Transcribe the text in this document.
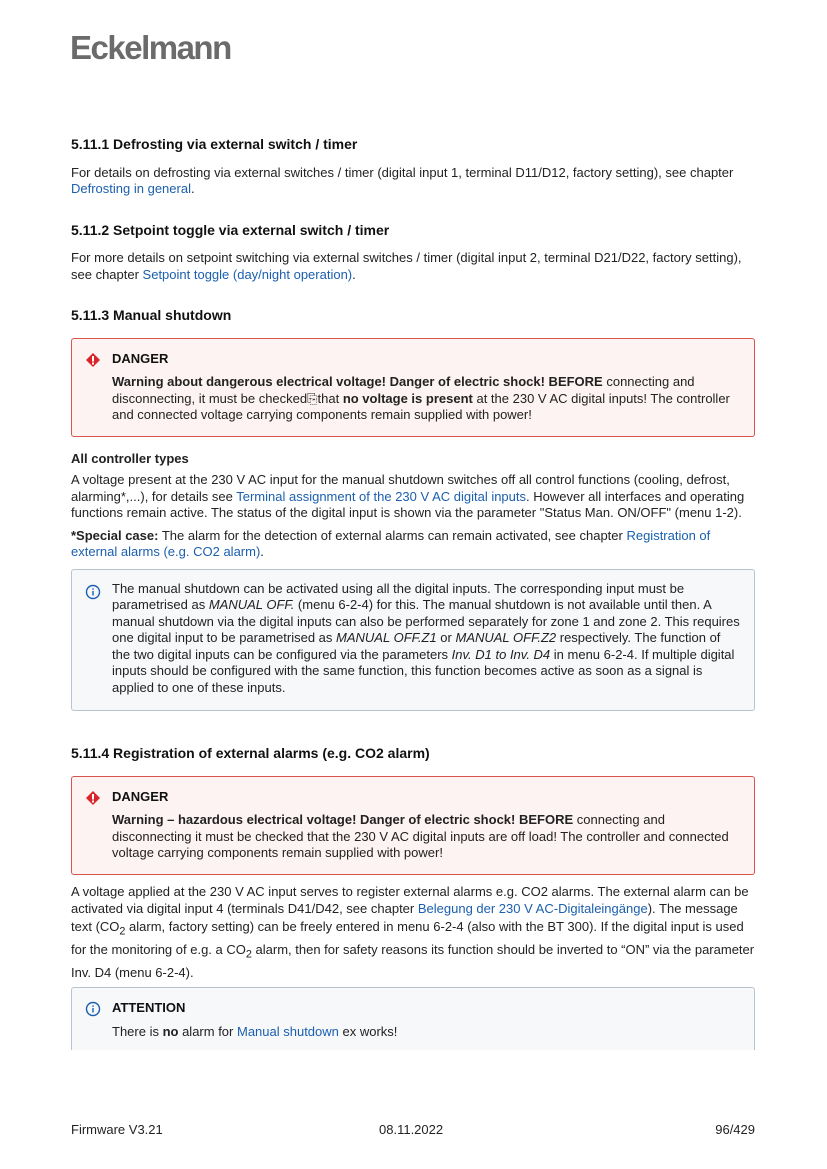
Eckelmann
5.11.1 Defrosting via external switch / timer

For details on defrosting via external switches / timer (digital input 1, terminal D11/D12, factory setting), see chapter Defrosting in general.

5.11.2 Setpoint toggle via external switch / timer

For more details on setpoint switching via external switches / timer (digital input 2, terminal D21/D22, factory setting), see chapter Setpoint toggle (day/night operation).

5.11.3 Manual shutdown
DANGER

Warning about dangerous electrical voltage! Danger of electric shock! BEFORE connecting and disconnecting, it must be checked⎘that no voltage is present at the 230 V AC digital inputs! The controller and connected voltage carrying components remain supplied with power!

All controller types

A voltage present at the 230 V AC input for the manual shutdown switches off all control functions (cooling, defrost, alarming*,...), for details see Terminal assignment of the 230 V AC digital inputs. However all interfaces and operating functions remain active. The status of the digital input is shown via the parameter "Status Man. ON/OFF" (menu 1-2).

*Special case: The alarm for the detection of external alarms can remain activated, see chapter Registration of external alarms (e.g. CO2 alarm).

The manual shutdown can be activated using all the digital inputs. The corresponding input must be parametrised as MANUAL OFF. (menu 6-2-4) for this. The manual shutdown is not available until then. A manual shutdown via the digital inputs can also be performed separately for zone 1 and zone 2. This requires one digital input to be parametrised as MANUAL OFF.Z1 or MANUAL OFF.Z2 respectively. The function of the two digital inputs can be configured via the parameters Inv. D1 to Inv. D4 in menu 6-2-4. If multiple digital inputs should be configured with the same function, this function becomes active as soon as a signal is applied to one of these inputs.

5.11.4 Registration of external alarms (e.g. CO2 alarm)
DANGER

Warning – hazardous electrical voltage! Danger of electric shock! BEFORE connecting and disconnecting it must be checked that the 230 V AC digital inputs are off load! The controller and connected voltage carrying components remain supplied with power!

A voltage applied at the 230 V AC input serves to register external alarms e.g. CO2 alarms. The external alarm can be activated via digital input 4 (terminals D41/D42, see chapter Belegung der 230 V AC-Digitaleingänge). The message text ($CO_2$ alarm, factory setting) can be freely entered in menu 6-2-4 (also with the BT 300). If the digital input is used for the monitoring of e.g. a $CO_2$ alarm, then for safety reasons its function should be inverted to “ON” via the parameter Inv. D4 (menu 6-2-4).

ATTENTION

There is no alarm for Manual shutdown ex works!

Firmware V3.21	08.11.2022	96/429
